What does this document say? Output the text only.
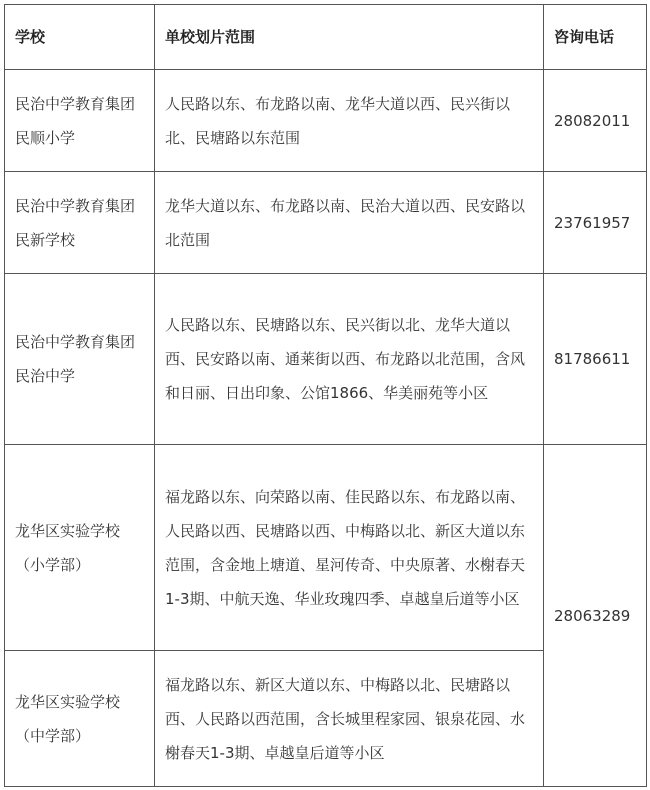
学校	单校划片范围	咨询电话

民治中学教育集团
民顺小学	人民路以东、布龙路以南、龙华大道以西、民兴街以北、民塘路以东范围	28082011

民治中学教育集团
民新学校	龙华大道以东、布龙路以南、民治大道以西、民安路以北范围	23761957

民治中学教育集团
民治中学	人民路以东、民塘路以东、民兴街以北、龙华大道以西、民安路以南、通莱街以西、布龙路以北范围，含风和日丽、日出印象、公馆1866、华美丽苑等小区	81786611

龙华区实验学校
（小学部）	福龙路以东、向荣路以南、佳民路以东、布龙路以南、人民路以西、民塘路以西、中梅路以北、新区大道以东范围，含金地上塘道、星河传奇、中央原著、水榭春天1-3期、中航天逸、华业玫瑰四季、卓越皇后道等小区	28063289

龙华区实验学校
（中学部）	福龙路以东、新区大道以东、中梅路以北、民塘路以西、人民路以西范围，含长城里程家园、银泉花园、水榭春天1-3期、卓越皇后道等小区	
